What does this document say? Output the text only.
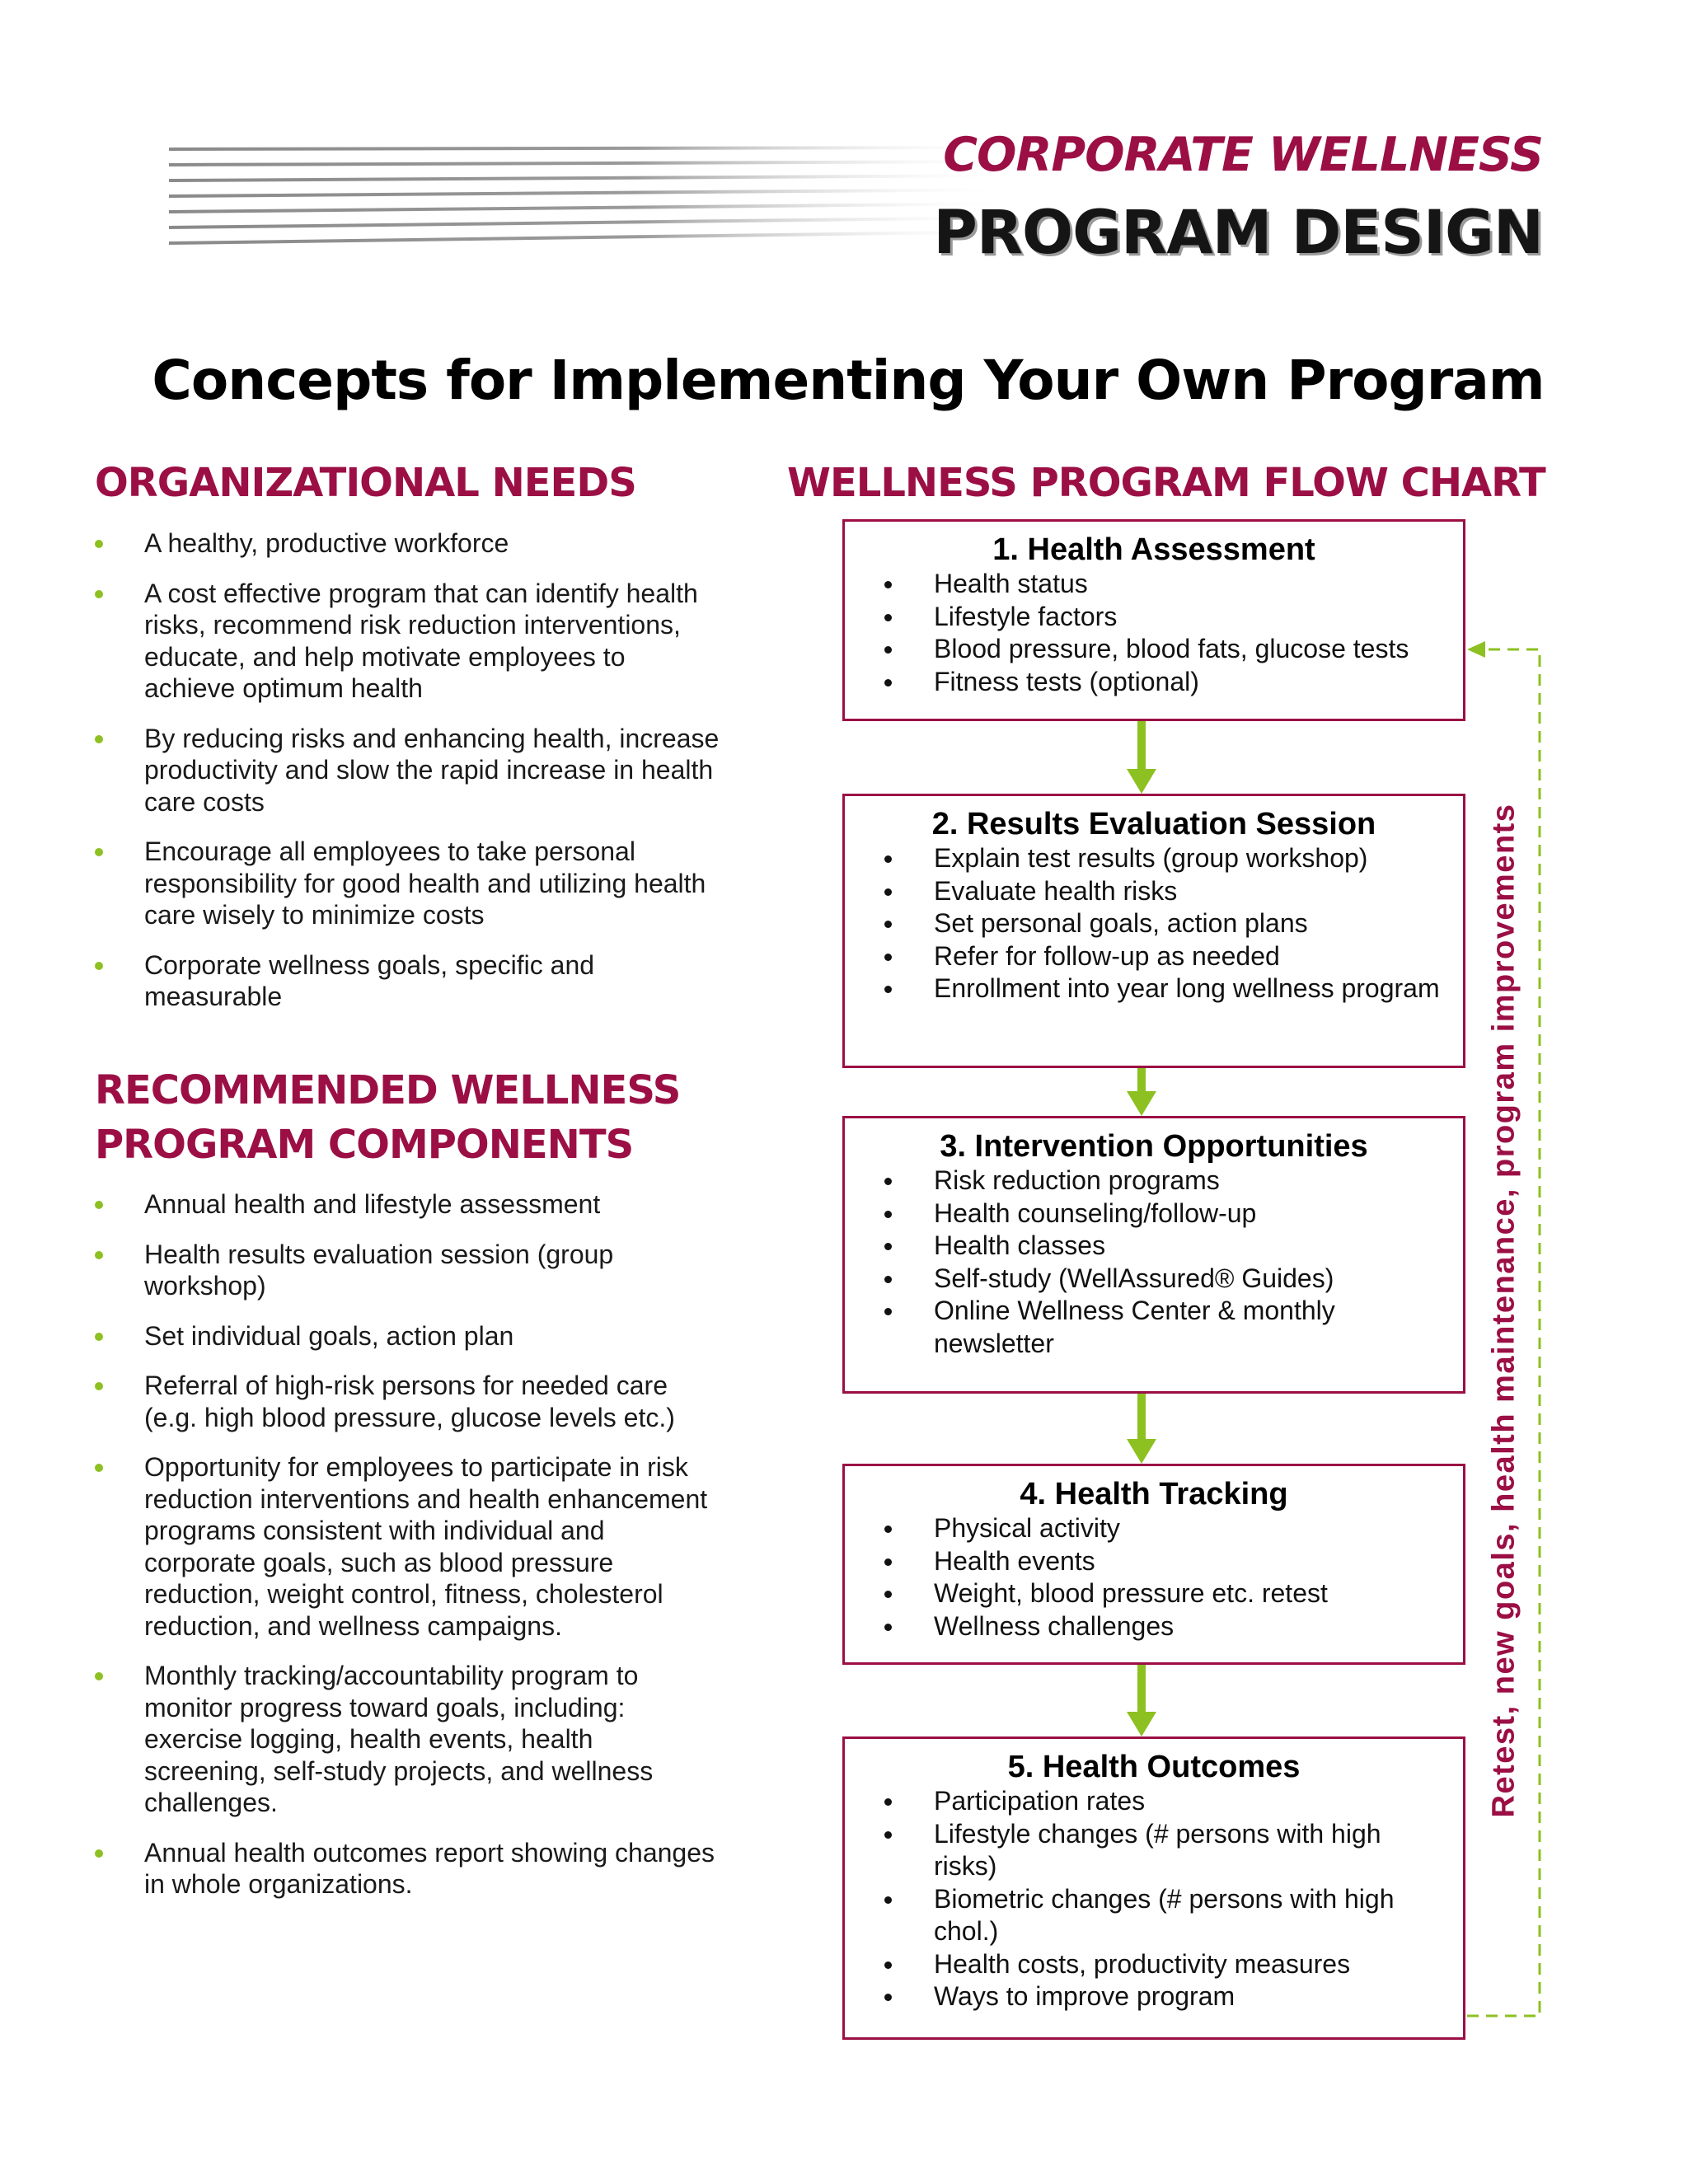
CORPORATE WELLNESS
PROGRAM DESIGN
Concepts for Implementing Your Own Program
ORGANIZATIONAL NEEDS
A healthy, productive workforce
A cost effective program that can identify health risks, recommend risk reduction interventions, educate, and help motivate employees to achieve optimum health
By reducing risks and enhancing health, increase productivity and slow the rapid increase in health care costs
Encourage all employees to take personal responsibility for good health and utilizing health care wisely to minimize costs
Corporate wellness goals, specific and measurable
RECOMMENDED WELLNESS
PROGRAM COMPONENTS
Annual health and lifestyle assessment
Health results evaluation session (group workshop)
Set individual goals, action plan
Referral of high-risk persons for needed care (e.g. high blood pressure, glucose levels etc.)
Opportunity for employees to participate in risk reduction interventions and health enhancement programs consistent with individual and corporate goals, such as blood pressure reduction, weight control, fitness, cholesterol reduction, and wellness campaigns.
Monthly tracking/accountability program to monitor progress toward goals, including: exercise logging, health events, health screening, self-study projects, and wellness challenges.
Annual health outcomes report showing changes in whole organizations.
WELLNESS PROGRAM FLOW CHART
1. Health Assessment
Health status
Lifestyle factors
Blood pressure, blood fats, glucose tests
Fitness tests (optional)
2. Results Evaluation Session
Explain test results (group workshop)
Evaluate health risks
Set personal goals, action plans
Refer for follow-up as needed
Enrollment into year long wellness program
3. Intervention Opportunities
Risk reduction programs
Health counseling/follow-up
Health classes
Self-study (WellAssured® Guides)
Online Wellness Center & monthly newsletter
4. Health Tracking
Physical activity
Health events
Weight, blood pressure etc. retest
Wellness challenges
5. Health Outcomes
Participation rates
Lifestyle changes (# persons with high risks)
Biometric changes (# persons with high chol.)
Health costs, productivity measures
Ways to improve program
Retest, new goals, health maintenance, program improvements
